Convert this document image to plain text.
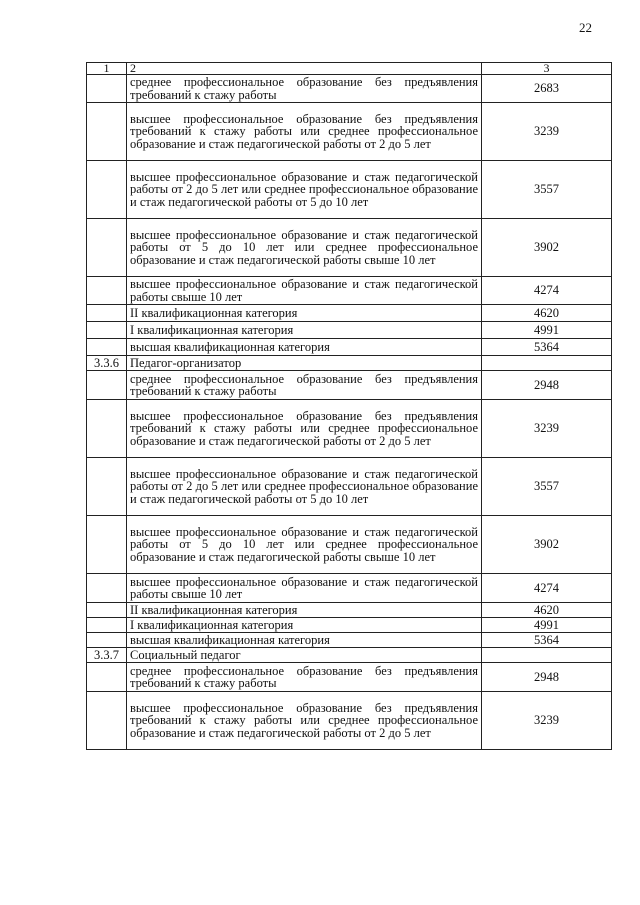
22
1	2	3
	среднее профессиональное образование без предъявления требований к стажу работы	2683
	высшее профессиональное образование без предъявления требований к стажу работы или среднее профессиональное образование и стаж педагогической работы от 2 до 5 лет	3239
	высшее профессиональное образование и стаж педагогической работы от 2 до 5 лет или среднее профессиональное образование и стаж педагогической работы от 5 до 10 лет	3557
	высшее профессиональное образование и стаж педагогической работы от 5 до 10 лет или среднее профессиональное образование и стаж педагогической работы свыше 10 лет	3902
	высшее профессиональное образование и стаж педагогической работы свыше 10 лет	4274
	II квалификационная категория	4620
	I квалификационная категория	4991
	высшая квалификационная категория	5364
3.3.6	Педагог-организатор	
	среднее профессиональное образование без предъявления требований к стажу работы	2948
	высшее профессиональное образование без предъявления требований к стажу работы или среднее профессиональное образование и стаж педагогической работы от 2 до 5 лет	3239
	высшее профессиональное образование и стаж педагогической работы от 2 до 5 лет или среднее профессиональное образование и стаж педагогической работы от 5 до 10 лет	3557
	высшее профессиональное образование и стаж педагогической работы от 5 до 10 лет или среднее профессиональное образование и стаж педагогической работы свыше 10 лет	3902
	высшее профессиональное образование и стаж педагогической работы свыше 10 лет	4274
	II квалификационная категория	4620
	I квалификационная категория	4991
	высшая квалификационная категория	5364
3.3.7	Социальный педагог	
	среднее профессиональное образование без предъявления требований к стажу работы	2948
	высшее профессиональное образование без предъявления требований к стажу работы или среднее профессиональное образование и стаж педагогической работы от 2 до 5 лет	3239
